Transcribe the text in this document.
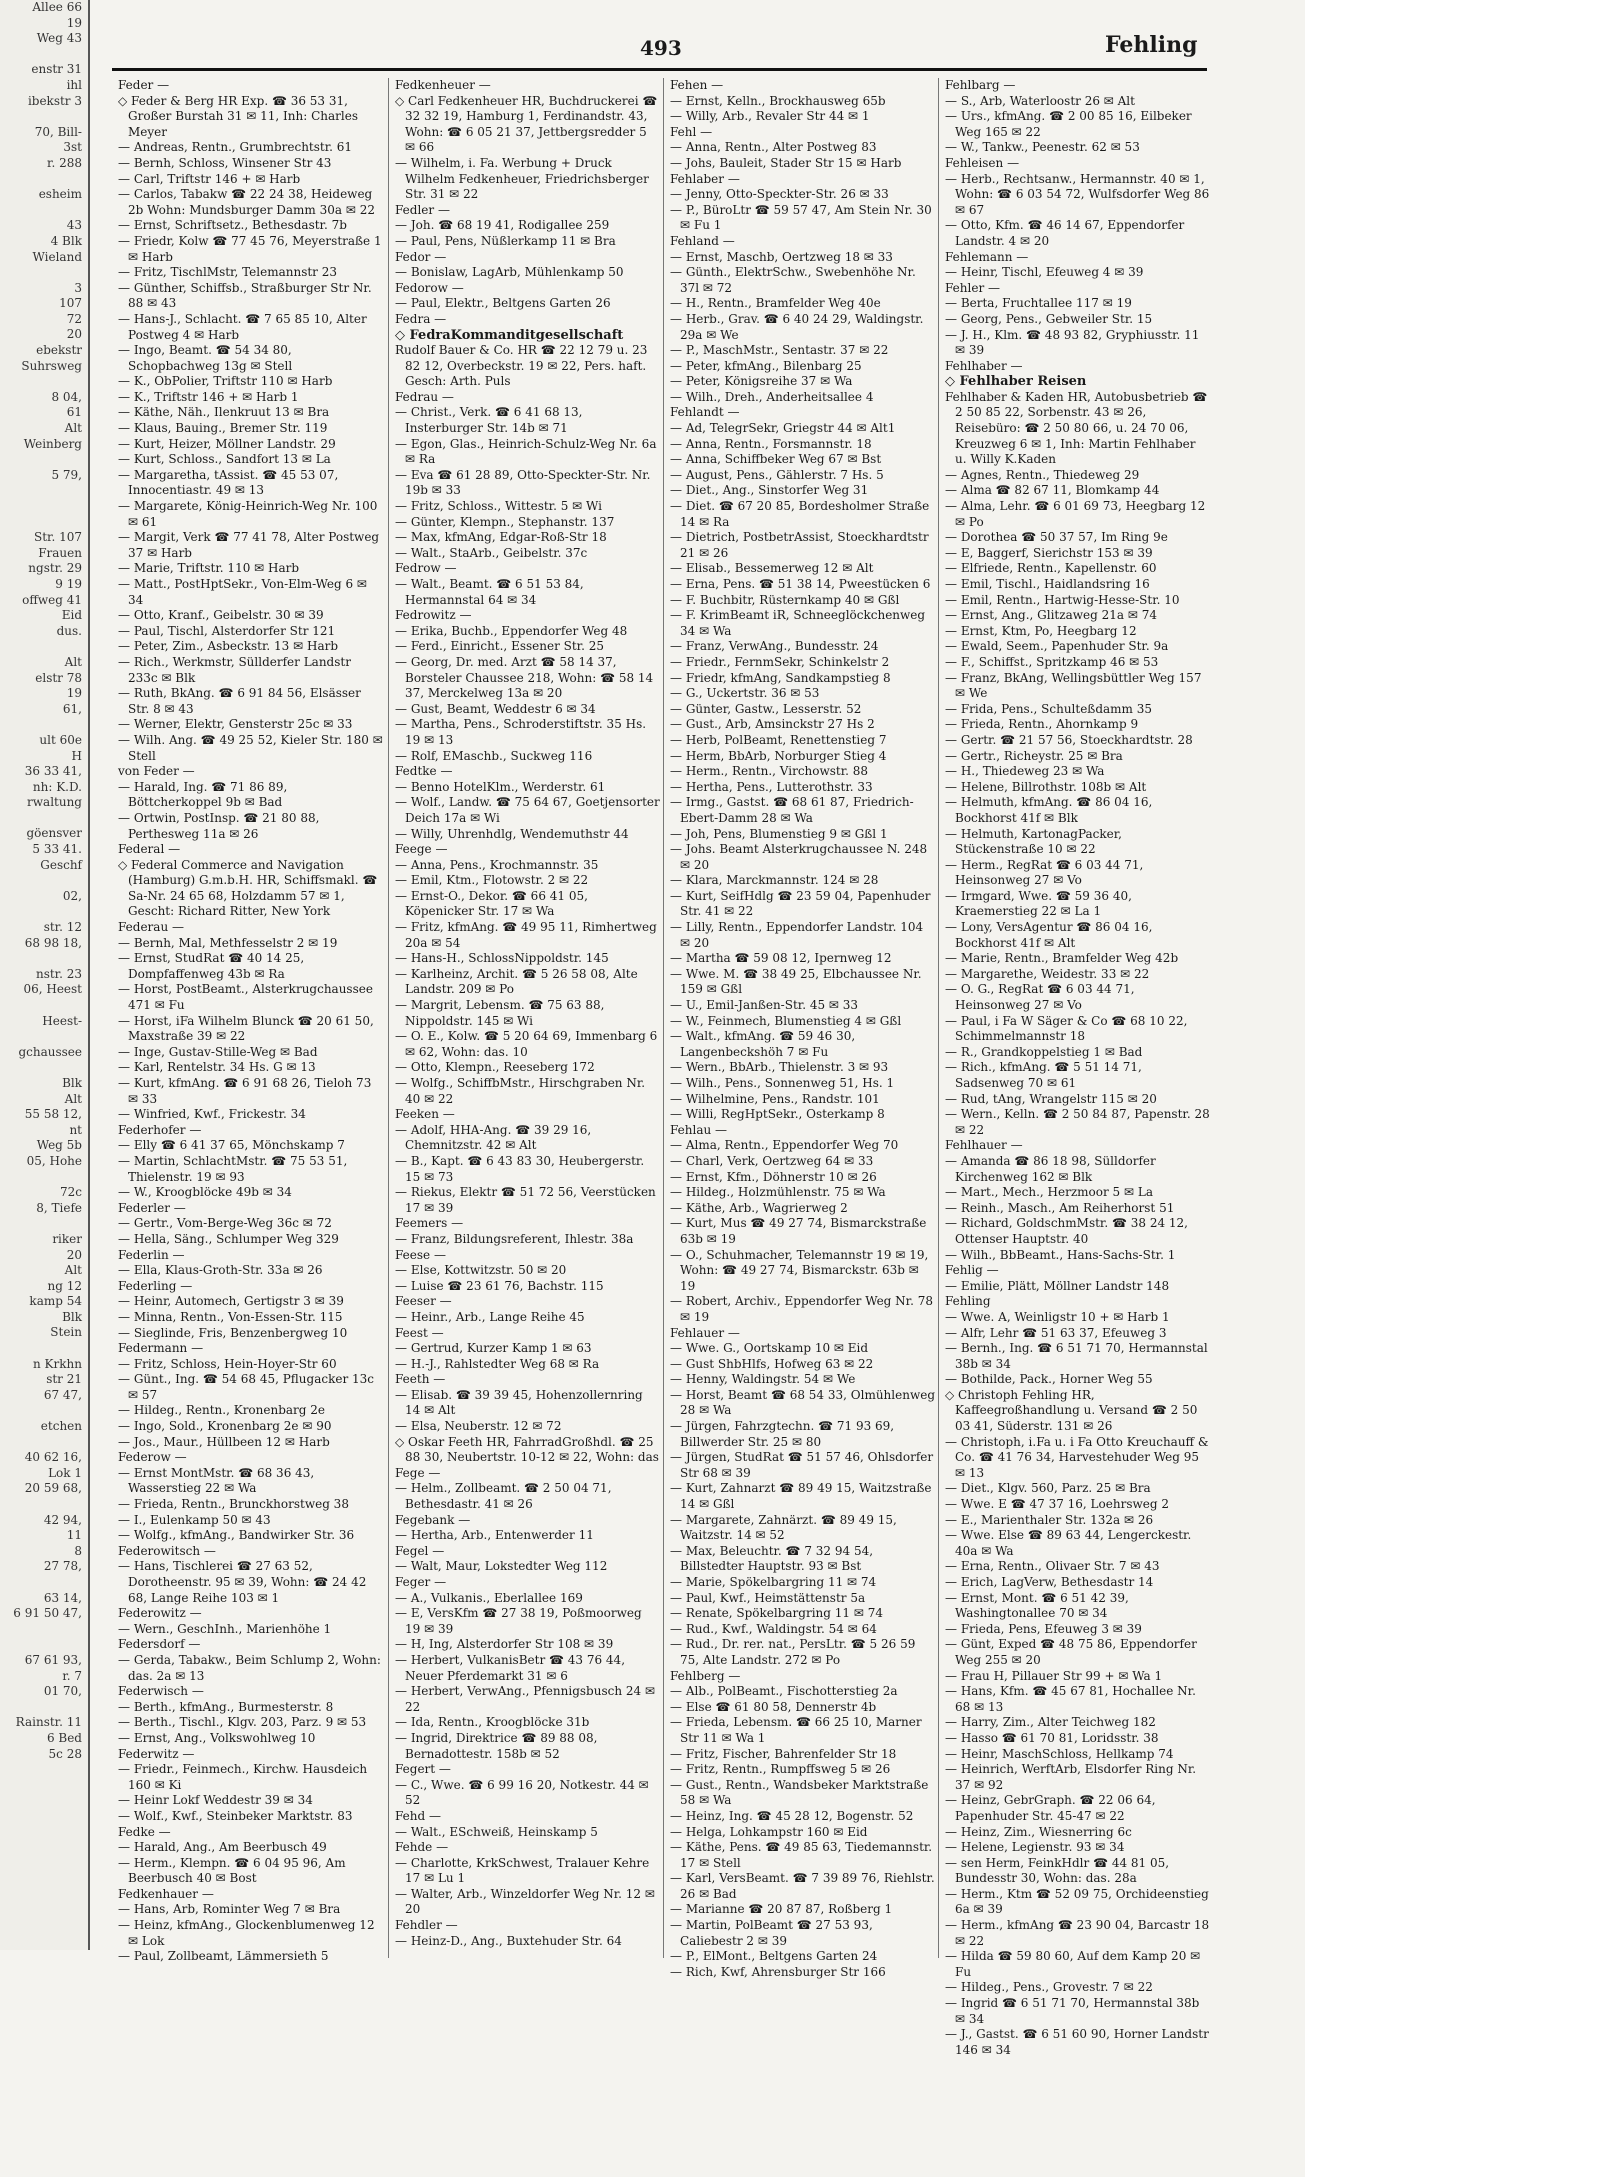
Allee 66
19
Weg 43

enstr 31
ihl
ibekstr 3

70, Bill-
3st
r. 288

esheim

43
4 Blk
Wieland

3
107
72
20
ebekstr
Suhrsweg

8 04,
61
Alt
Weinberg

5 79,

Str. 107
Frauen
ngstr. 29
9 19
offweg 41
Eid
dus.

Alt
elstr 78
19
61,

ult 60e
H
36 33 41,
nh: K.D.
rwaltung

göensver
5 33 41.
Geschf

02,

str. 12
68 98 18,

nstr. 23
06, Heest

Heest-

gchaussee

Blk
Alt
55 58 12,
nt
Weg 5b
05, Hohe

72c
8, Tiefe

riker
20
Alt
ng 12
kamp 54
Blk
Stein

n Krkhn
str 21
67 47,

etchen

40 62 16,
Lok 1
20 59 68,

42 94,
11
8
27 78,

63 14,
6 91 50 47,

67 61 93,
r. 7
01 70,

Rainstr. 11
6 Bed
5c 28
493	Fehling

Feder —

◇ Feder & Berg HR Exp. ☎ 36 53 31, Großer Burstah 31 ✉ 11, Inh: Charles Meyer

— Andreas, Rentn., Grumbrechtstr. 61

— Bernh, Schloss, Winsener Str 43

— Carl, Triftstr 146 + ✉ Harb

— Carlos, Tabakw ☎ 22 24 38, Heideweg 2b Wohn: Mundsburger Damm 30a ✉ 22

— Ernst, Schriftsetz., Bethesdastr. 7b

— Friedr, Kolw ☎ 77 45 76, Meyerstraße 1 ✉ Harb

— Fritz, TischlMstr, Telemannstr 23

— Günther, Schiffsb., Straßburger Str Nr. 88 ✉ 43

— Hans-J., Schlacht. ☎ 7 65 85 10, Alter Postweg 4 ✉ Harb

— Ingo, Beamt. ☎ 54 34 80, Schopbachweg 13g ✉ Stell

— K., ObPolier, Triftstr 110 ✉ Harb

— K., Triftstr 146 + ✉ Harb 1

— Käthe, Näh., Ilenkruut 13 ✉ Bra

— Klaus, Bauing., Bremer Str. 119

— Kurt, Heizer, Möllner Landstr. 29

— Kurt, Schloss., Sandfort 13 ✉ La

— Margaretha, tAssist. ☎ 45 53 07, Innocentiastr. 49 ✉ 13

— Margarete, König-Heinrich-Weg Nr. 100 ✉ 61

— Margit, Verk ☎ 77 41 78, Alter Postweg 37 ✉ Harb

— Marie, Triftstr. 110 ✉ Harb

— Matt., PostHptSekr., Von-Elm-Weg 6 ✉ 34

— Otto, Kranf., Geibelstr. 30 ✉ 39

— Paul, Tischl, Alsterdorfer Str 121

— Peter, Zim., Asbeckstr. 13 ✉ Harb

— Rich., Werkmstr, Süllderfer Landstr 233c ✉ Blk

— Ruth, BkAng. ☎ 6 91 84 56, Elsässer Str. 8 ✉ 43

— Werner, Elektr, Gensterstr 25c ✉ 33

— Wilh. Ang. ☎ 49 25 52, Kieler Str. 180 ✉ Stell

von Feder —

— Harald, Ing. ☎ 71 86 89, Böttcherkoppel 9b ✉ Bad

— Ortwin, PostInsp. ☎ 21 80 88, Perthesweg 11a ✉ 26

Federal —

◇ Federal Commerce and Navigation (Hamburg) G.m.b.H. HR, Schiffsmakl. ☎ Sa-Nr. 24 65 68, Holzdamm 57 ✉ 1, Gescht: Richard Ritter, New York

Federau —

— Bernh, Mal, Methfesselstr 2 ✉ 19

— Ernst, StudRat ☎ 40 14 25, Dompfaffenweg 43b ✉ Ra

— Horst, PostBeamt., Alsterkrugchaussee 471 ✉ Fu

— Horst, iFa Wilhelm Blunck ☎ 20 61 50, Maxstraße 39 ✉ 22

— Inge, Gustav-Stille-Weg ✉ Bad

— Karl, Rentelstr. 34 Hs. G ✉ 13

— Kurt, kfmAng. ☎ 6 91 68 26, Tieloh 73 ✉ 33

— Winfried, Kwf., Frickestr. 34

Federhofer —

— Elly ☎ 6 41 37 65, Mönchskamp 7

— Martin, SchlachtMstr. ☎ 75 53 51, Thielenstr. 19 ✉ 93

— W., Kroogblöcke 49b ✉ 34

Federler —

— Gertr., Vom-Berge-Weg 36c ✉ 72

— Hella, Säng., Schlumper Weg 329

Federlin —

— Ella, Klaus-Groth-Str. 33a ✉ 26

Federling —

— Heinr, Automech, Gertigstr 3 ✉ 39

— Minna, Rentn., Von-Essen-Str. 115

— Sieglinde, Fris, Benzenbergweg 10

Federmann —

— Fritz, Schloss, Hein-Hoyer-Str 60

— Günt., Ing. ☎ 54 68 45, Pflugacker 13c ✉ 57

— Hildeg., Rentn., Kronenbarg 2e

— Ingo, Sold., Kronenbarg 2e ✉ 90

— Jos., Maur., Hüllbeen 12 ✉ Harb

Federow —

— Ernst MontMstr. ☎ 68 36 43, Wasserstieg 22 ✉ Wa

— Frieda, Rentn., Brunckhorstweg 38

— I., Eulenkamp 50 ✉ 43

— Wolfg., kfmAng., Bandwirker Str. 36

Federowitsch —

— Hans, Tischlerei ☎ 27 63 52, Dorotheenstr. 95 ✉ 39, Wohn: ☎ 24 42 68, Lange Reihe 103 ✉ 1

Federowitz —

— Wern., GeschInh., Marienhöhe 1

Federsdorf —

— Gerda, Tabakw., Beim Schlump 2, Wohn: das. 2a ✉ 13

Federwisch —

— Berth., kfmAng., Burmesterstr. 8

— Berth., Tischl., Klgv. 203, Parz. 9 ✉ 53

— Ernst, Ang., Volkswohlweg 10

Federwitz —

— Friedr., Feinmech., Kirchw. Hausdeich 160 ✉ Ki

— Heinr Lokf Weddestr 39 ✉ 34

— Wolf., Kwf., Steinbeker Marktstr. 83

Fedke —

— Harald, Ang., Am Beerbusch 49

— Herm., Klempn. ☎ 6 04 95 96, Am Beerbusch 40 ✉ Bost

Fedkenhauer —

— Hans, Arb, Rominter Weg 7 ✉ Bra

— Heinz, kfmAng., Glockenblumenweg 12 ✉ Lok

— Paul, Zollbeamt, Lämmersieth 5

Fedkenheuer —

◇ Carl Fedkenheuer HR, Buchdruckerei ☎ 32 32 19, Hamburg 1, Ferdinandstr. 43, Wohn: ☎ 6 05 21 37, Jettbergsredder 5 ✉ 66

— Wilhelm, i. Fa. Werbung + Druck Wilhelm Fedkenheuer, Friedrichsberger Str. 31 ✉ 22

Fedler —

— Joh. ☎ 68 19 41, Rodigallee 259

— Paul, Pens, Nüßlerkamp 11 ✉ Bra

Fedor —

— Bonislaw, LagArb, Mühlenkamp 50

Fedorow —

— Paul, Elektr., Beltgens Garten 26

Fedra —

◇ FedraKommanditgesellschaft

Rudolf Bauer & Co. HR ☎ 22 12 79 u. 23 82 12, Overbeckstr. 19 ✉ 22, Pers. haft. Gesch: Arth. Puls

Fedrau —

— Christ., Verk. ☎ 6 41 68 13, Insterburger Str. 14b ✉ 71

— Egon, Glas., Heinrich-Schulz-Weg Nr. 6a ✉ Ra

— Eva ☎ 61 28 89, Otto-Speckter-Str. Nr. 19b ✉ 33

— Fritz, Schloss., Wittestr. 5 ✉ Wi

— Günter, Klempn., Stephanstr. 137

— Max, kfmAng, Edgar-Roß-Str 18

— Walt., StaArb., Geibelstr. 37c

Fedrow —

— Walt., Beamt. ☎ 6 51 53 84, Hermannstal 64 ✉ 34

Fedrowitz —

— Erika, Buchb., Eppendorfer Weg 48

— Ferd., Einricht., Essener Str. 25

— Georg, Dr. med. Arzt ☎ 58 14 37, Borsteler Chaussee 218, Wohn: ☎ 58 14 37, Merckelweg 13a ✉ 20

— Gust, Beamt, Weddestr 6 ✉ 34

— Martha, Pens., Schroderstiftstr. 35 Hs. 19 ✉ 13

— Rolf, EMaschb., Suckweg 116

Fedtke —

— Benno HotelKlm., Werderstr. 61

— Wolf., Landw. ☎ 75 64 67, Goetjensorter Deich 17a ✉ Wi

— Willy, Uhrenhdlg, Wendemuthstr 44

Feege —

— Anna, Pens., Krochmannstr. 35

— Emil, Ktm., Flotowstr. 2 ✉ 22

— Ernst-O., Dekor. ☎ 66 41 05, Köpenicker Str. 17 ✉ Wa

— Fritz, kfmAng. ☎ 49 95 11, Rimhertweg 20a ✉ 54

— Hans-H., SchlossNippoldstr. 145

— Karlheinz, Archit. ☎ 5 26 58 08, Alte Landstr. 209 ✉ Po

— Margrit, Lebensm. ☎ 75 63 88, Nippoldstr. 145 ✉ Wi

— O. E., Kolw. ☎ 5 20 64 69, Immenbarg 6 ✉ 62, Wohn: das. 10

— Otto, Klempn., Reeseberg 172

— Wolfg., SchiffbMstr., Hirschgraben Nr. 40 ✉ 22

Feeken —

— Adolf, HHA-Ang. ☎ 39 29 16, Chemnitzstr. 42 ✉ Alt

— B., Kapt. ☎ 6 43 83 30, Heubergerstr. 15 ✉ 73

— Riekus, Elektr ☎ 51 72 56, Veerstücken 17 ✉ 39

Feemers —

— Franz, Bildungsreferent, Ihlestr. 38a

Feese —

— Else, Kottwitzstr. 50 ✉ 20

— Luise ☎ 23 61 76, Bachstr. 115

Feeser —

— Heinr., Arb., Lange Reihe 45

Feest —

— Gertrud, Kurzer Kamp 1 ✉ 63

— H.-J., Rahlstedter Weg 68 ✉ Ra

Feeth —

— Elisab. ☎ 39 39 45, Hohenzollernring 14 ✉ Alt

— Elsa, Neuberstr. 12 ✉ 72

◇ Oskar Feeth HR, FahrradGroßhdl. ☎ 25 88 30, Neubertstr. 10-12 ✉ 22, Wohn: das

Fege —

— Helm., Zollbeamt. ☎ 2 50 04 71, Bethesdastr. 41 ✉ 26

Fegebank —

— Hertha, Arb., Entenwerder 11

Fegel —

— Walt, Maur, Lokstedter Weg 112

Feger —

— A., Vulkanis., Eberlallee 169

— E, VersKfm ☎ 27 38 19, Poßmoorweg 19 ✉ 39

— H, Ing, Alsterdorfer Str 108 ✉ 39

— Herbert, VulkanisBetr ☎ 43 76 44, Neuer Pferdemarkt 31 ✉ 6

— Herbert, VerwAng., Pfennigsbusch 24 ✉ 22

— Ida, Rentn., Kroogblöcke 31b

— Ingrid, Direktrice ☎ 89 88 08, Bernadottestr. 158b ✉ 52

Fegert —

— C., Wwe. ☎ 6 99 16 20, Notkestr. 44 ✉ 52

Fehd —

— Walt., ESchweiß, Heinskamp 5

Fehde —

— Charlotte, KrkSchwest, Tralauer Kehre 17 ✉ Lu 1

— Walter, Arb., Winzeldorfer Weg Nr. 12 ✉ 20

Fehdler —

— Heinz-D., Ang., Buxtehuder Str. 64

Fehen —

— Ernst, Kelln., Brockhausweg 65b

— Willy, Arb., Revaler Str 44 ✉ 1

Fehl —

— Anna, Rentn., Alter Postweg 83

— Johs, Bauleit, Stader Str 15 ✉ Harb

Fehlaber —

— Jenny, Otto-Speckter-Str. 26 ✉ 33

— P., BüroLtr ☎ 59 57 47, Am Stein Nr. 30 ✉ Fu 1

Fehland —

— Ernst, Maschb, Oertzweg 18 ✉ 33

— Günth., ElektrSchw., Swebenhöhe Nr. 37l ✉ 72

— H., Rentn., Bramfelder Weg 40e

— Herb., Grav. ☎ 6 40 24 29, Waldingstr. 29a ✉ We

— P., MaschMstr., Sentastr. 37 ✉ 22

— Peter, kfmAng., Bilenbarg 25

— Peter, Königsreihe 37 ✉ Wa

— Wilh., Dreh., Anderheitsallee 4

Fehlandt —

— Ad, TelegrSekr, Griegstr 44 ✉ Alt1

— Anna, Rentn., Forsmannstr. 18

— Anna, Schiffbeker Weg 67 ✉ Bst

— August, Pens., Gählerstr. 7 Hs. 5

— Diet., Ang., Sinstorfer Weg 31

— Diet. ☎ 67 20 85, Bordesholmer Straße 14 ✉ Ra

— Dietrich, PostbetrAssist, Stoeckhardtstr 21 ✉ 26

— Elisab., Bessemerweg 12 ✉ Alt

— Erna, Pens. ☎ 51 38 14, Pweestücken 6

— F. Buchbitr, Rüsternkamp 40 ✉ Gßl

— F. KrimBeamt iR, Schneeglöckchenweg 34 ✉ Wa

— Franz, VerwAng., Bundesstr. 24

— Friedr., FernmSekr, Schinkelstr 2

— Friedr, kfmAng, Sandkampstieg 8

— G., Uckertstr. 36 ✉ 53

— Günter, Gastw., Lesserstr. 52

— Gust., Arb, Amsinckstr 27 Hs 2

— Herb, PolBeamt, Renettenstieg 7

— Herm, BbArb, Norburger Stieg 4

— Herm., Rentn., Virchowstr. 88

— Hertha, Pens., Lutterothstr. 33

— Irmg., Gastst. ☎ 68 61 87, Friedrich-Ebert-Damm 28 ✉ Wa

— Joh, Pens, Blumenstieg 9 ✉ Gßl 1

— Johs. Beamt Alsterkrugchaussee N. 248 ✉ 20

— Klara, Marckmannstr. 124 ✉ 28

— Kurt, SeifHdlg ☎ 23 59 04, Papenhuder Str. 41 ✉ 22

— Lilly, Rentn., Eppendorfer Landstr. 104 ✉ 20

— Martha ☎ 59 08 12, Ipernweg 12

— Wwe. M. ☎ 38 49 25, Elbchaussee Nr. 159 ✉ Gßl

— U., Emil-Janßen-Str. 45 ✉ 33

— W., Feinmech, Blumenstieg 4 ✉ Gßl

— Walt., kfmAng. ☎ 59 46 30, Langenbeckshöh 7 ✉ Fu

— Wern., BbArb., Thielenstr. 3 ✉ 93

— Wilh., Pens., Sonnenweg 51, Hs. 1

— Wilhelmine, Pens., Randstr. 101

— Willi, RegHptSekr., Osterkamp 8

Fehlau —

— Alma, Rentn., Eppendorfer Weg 70

— Charl, Verk, Oertzweg 64 ✉ 33

— Ernst, Kfm., Döhnerstr 10 ✉ 26

— Hildeg., Holzmühlenstr. 75 ✉ Wa

— Käthe, Arb., Wagrierweg 2

— Kurt, Mus ☎ 49 27 74, Bismarckstraße 63b ✉ 19

— O., Schuhmacher, Telemannstr 19 ✉ 19, Wohn: ☎ 49 27 74, Bismarckstr. 63b ✉ 19

— Robert, Archiv., Eppendorfer Weg Nr. 78 ✉ 19

Fehlauer —

— Wwe. G., Oortskamp 10 ✉ Eid

— Gust ShbHlfs, Hofweg 63 ✉ 22

— Henny, Waldingstr. 54 ✉ We

— Horst, Beamt ☎ 68 54 33, Olmühlenweg 28 ✉ Wa

— Jürgen, Fahrzgtechn. ☎ 71 93 69, Billwerder Str. 25 ✉ 80

— Jürgen, StudRat ☎ 51 57 46, Ohlsdorfer Str 68 ✉ 39

— Kurt, Zahnarzt ☎ 89 49 15, Waitzstraße 14 ✉ Gßl

— Margarete, Zahnärzt. ☎ 89 49 15, Waitzstr. 14 ✉ 52

— Max, Beleuchtr. ☎ 7 32 94 54, Billstedter Hauptstr. 93 ✉ Bst

— Marie, Spökelbargring 11 ✉ 74

— Paul, Kwf., Heimstättenstr 5a

— Renate, Spökelbargring 11 ✉ 74

— Rud., Kwf., Waldingstr. 54 ✉ 64

— Rud., Dr. rer. nat., PersLtr. ☎ 5 26 59 75, Alte Landstr. 272 ✉ Po

Fehlberg —

— Alb., PolBeamt., Fischotterstieg 2a

— Else ☎ 61 80 58, Dennerstr 4b

— Frieda, Lebensm. ☎ 66 25 10, Marner Str 11 ✉ Wa 1

— Fritz, Fischer, Bahrenfelder Str 18

— Fritz, Rentn., Rumpffsweg 5 ✉ 26

— Gust., Rentn., Wandsbeker Marktstraße 58 ✉ Wa

— Heinz, Ing. ☎ 45 28 12, Bogenstr. 52

— Helga, Lohkampstr 160 ✉ Eid

— Käthe, Pens. ☎ 49 85 63, Tiedemannstr. 17 ✉ Stell

— Karl, VersBeamt. ☎ 7 39 89 76, Riehlstr. 26 ✉ Bad

— Marianne ☎ 20 87 87, Roßberg 1

— Martin, PolBeamt ☎ 27 53 93, Caliebestr 2 ✉ 39

— P., ElMont., Beltgens Garten 24

— Rich, Kwf, Ahrensburger Str 166

Fehlbarg —

— S., Arb, Waterloostr 26 ✉ Alt

— Urs., kfmAng. ☎ 2 00 85 16, Eilbeker Weg 165 ✉ 22

— W., Tankw., Peenestr. 62 ✉ 53

Fehleisen —

— Herb., Rechtsanw., Hermannstr. 40 ✉ 1, Wohn: ☎ 6 03 54 72, Wulfsdorfer Weg 86 ✉ 67

— Otto, Kfm. ☎ 46 14 67, Eppendorfer Landstr. 4 ✉ 20

Fehlemann —

— Heinr, Tischl, Efeuweg 4 ✉ 39

Fehler —

— Berta, Fruchtallee 117 ✉ 19

— Georg, Pens., Gebweiler Str. 15

— J. H., Klm. ☎ 48 93 82, Gryphiusstr. 11 ✉ 39

Fehlhaber —

◇ Fehlhaber Reisen

Fehlhaber & Kaden HR, Autobusbetrieb ☎ 2 50 85 22, Sorbenstr. 43 ✉ 26, Reisebüro: ☎ 2 50 80 66, u. 24 70 06, Kreuzweg 6 ✉ 1, Inh: Martin Fehlhaber u. Willy K.Kaden

— Agnes, Rentn., Thiedeweg 29

— Alma ☎ 82 67 11, Blomkamp 44

— Alma, Lehr. ☎ 6 01 69 73, Heegbarg 12 ✉ Po

— Dorothea ☎ 50 37 57, Im Ring 9e

— E, Baggerf, Sierichstr 153 ✉ 39

— Elfriede, Rentn., Kapellenstr. 60

— Emil, Tischl., Haidlandsring 16

— Emil, Rentn., Hartwig-Hesse-Str. 10

— Ernst, Ang., Glitzaweg 21a ✉ 74

— Ernst, Ktm, Po, Heegbarg 12

— Ewald, Seem., Papenhuder Str. 9a

— F., Schiffst., Spritzkamp 46 ✉ 53

— Franz, BkAng, Wellingsbüttler Weg 157 ✉ We

— Frida, Pens., Schulteßdamm 35

— Frieda, Rentn., Ahornkamp 9

— Gertr. ☎ 21 57 56, Stoeckhardtstr. 28

— Gertr., Richeystr. 25 ✉ Bra

— H., Thiedeweg 23 ✉ Wa

— Helene, Billrothstr. 108b ✉ Alt

— Helmuth, kfmAng. ☎ 86 04 16, Bockhorst 41f ✉ Blk

— Helmuth, KartonagPacker, Stückenstraße 10 ✉ 22

— Herm., RegRat ☎ 6 03 44 71, Heinsonweg 27 ✉ Vo

— Irmgard, Wwe. ☎ 59 36 40, Kraemerstieg 22 ✉ La 1

— Lony, VersAgentur ☎ 86 04 16, Bockhorst 41f ✉ Alt

— Marie, Rentn., Bramfelder Weg 42b

— Margarethe, Weidestr. 33 ✉ 22

— O. G., RegRat ☎ 6 03 44 71, Heinsonweg 27 ✉ Vo

— Paul, i Fa W Säger & Co ☎ 68 10 22, Schimmelmannstr 18

— R., Grandkoppelstieg 1 ✉ Bad

— Rich., kfmAng. ☎ 5 51 14 71, Sadsenweg 70 ✉ 61

— Rud, tAng, Wrangelstr 115 ✉ 20

— Wern., Kelln. ☎ 2 50 84 87, Papenstr. 28 ✉ 22

Fehlhauer —

— Amanda ☎ 86 18 98, Sülldorfer Kirchenweg 162 ✉ Blk

— Mart., Mech., Herzmoor 5 ✉ La

— Reinh., Masch., Am Reiherhorst 51

— Richard, GoldschmMstr. ☎ 38 24 12, Ottenser Hauptstr. 40

— Wilh., BbBeamt., Hans-Sachs-Str. 1

Fehlig —

— Emilie, Plätt, Möllner Landstr 148

Fehling

— Wwe. A, Weinligstr 10 + ✉ Harb 1

— Alfr, Lehr ☎ 51 63 37, Efeuweg 3

— Bernh., Ing. ☎ 6 51 71 70, Hermannstal 38b ✉ 34

— Bothilde, Pack., Horner Weg 55

◇ Christoph Fehling HR, Kaffeegroßhandlung u. Versand ☎ 2 50 03 41, Süderstr. 131 ✉ 26

— Christoph, i.Fa u. i Fa Otto Kreuchauff & Co. ☎ 41 76 34, Harvestehuder Weg 95 ✉ 13

— Diet., Klgv. 560, Parz. 25 ✉ Bra

— Wwe. E ☎ 47 37 16, Loehrsweg 2

— E., Marienthaler Str. 132a ✉ 26

— Wwe. Else ☎ 89 63 44, Lengerckestr. 40a ✉ Wa

— Erna, Rentn., Olivaer Str. 7 ✉ 43

— Erich, LagVerw, Bethesdastr 14

— Ernst, Mont. ☎ 6 51 42 39, Washingtonallee 70 ✉ 34

— Frieda, Pens, Efeuweg 3 ✉ 39

— Günt, Exped ☎ 48 75 86, Eppendorfer Weg 255 ✉ 20

— Frau H, Pillauer Str 99 + ✉ Wa 1

— Hans, Kfm. ☎ 45 67 81, Hochallee Nr. 68 ✉ 13

— Harry, Zim., Alter Teichweg 182

— Hasso ☎ 61 70 81, Loridsstr. 38

— Heinr, MaschSchloss, Hellkamp 74

— Heinrich, WerftArb, Elsdorfer Ring Nr. 37 ✉ 92

— Heinz, GebrGraph. ☎ 22 06 64, Papenhuder Str. 45-47 ✉ 22

— Heinz, Zim., Wiesnerring 6c

— Helene, Legienstr. 93 ✉ 34

— sen Herm, FeinkHdlr ☎ 44 81 05, Bundesstr 30, Wohn: das. 28a

— Herm., Ktm ☎ 52 09 75, Orchideenstieg 6a ✉ 39

— Herm., kfmAng ☎ 23 90 04, Barcastr 18 ✉ 22

— Hilda ☎ 59 80 60, Auf dem Kamp 20 ✉ Fu

— Hildeg., Pens., Grovestr. 7 ✉ 22

— Ingrid ☎ 6 51 71 70, Hermannstal 38b ✉ 34

— J., Gastst. ☎ 6 51 60 90, Horner Landstr 146 ✉ 34
